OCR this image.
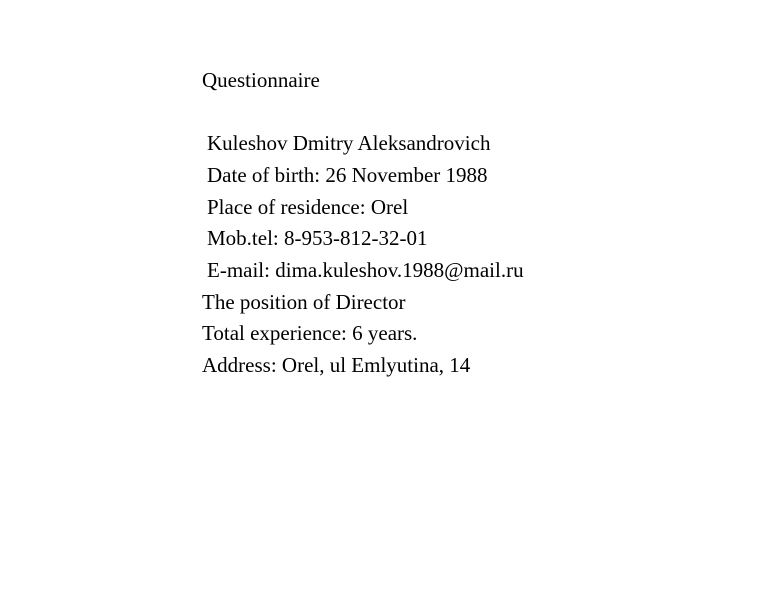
Questionnaire
Kuleshov Dmitry Aleksandrovich
Date of birth: 26 November 1988
Place of residence: Orel
Mob.tel: 8-953-812-32-01
E-mail: dima.kuleshov.1988@mail.ru
The position of Director
Total experience: 6 years.
Address: Orel, ul Emlyutina, 14
